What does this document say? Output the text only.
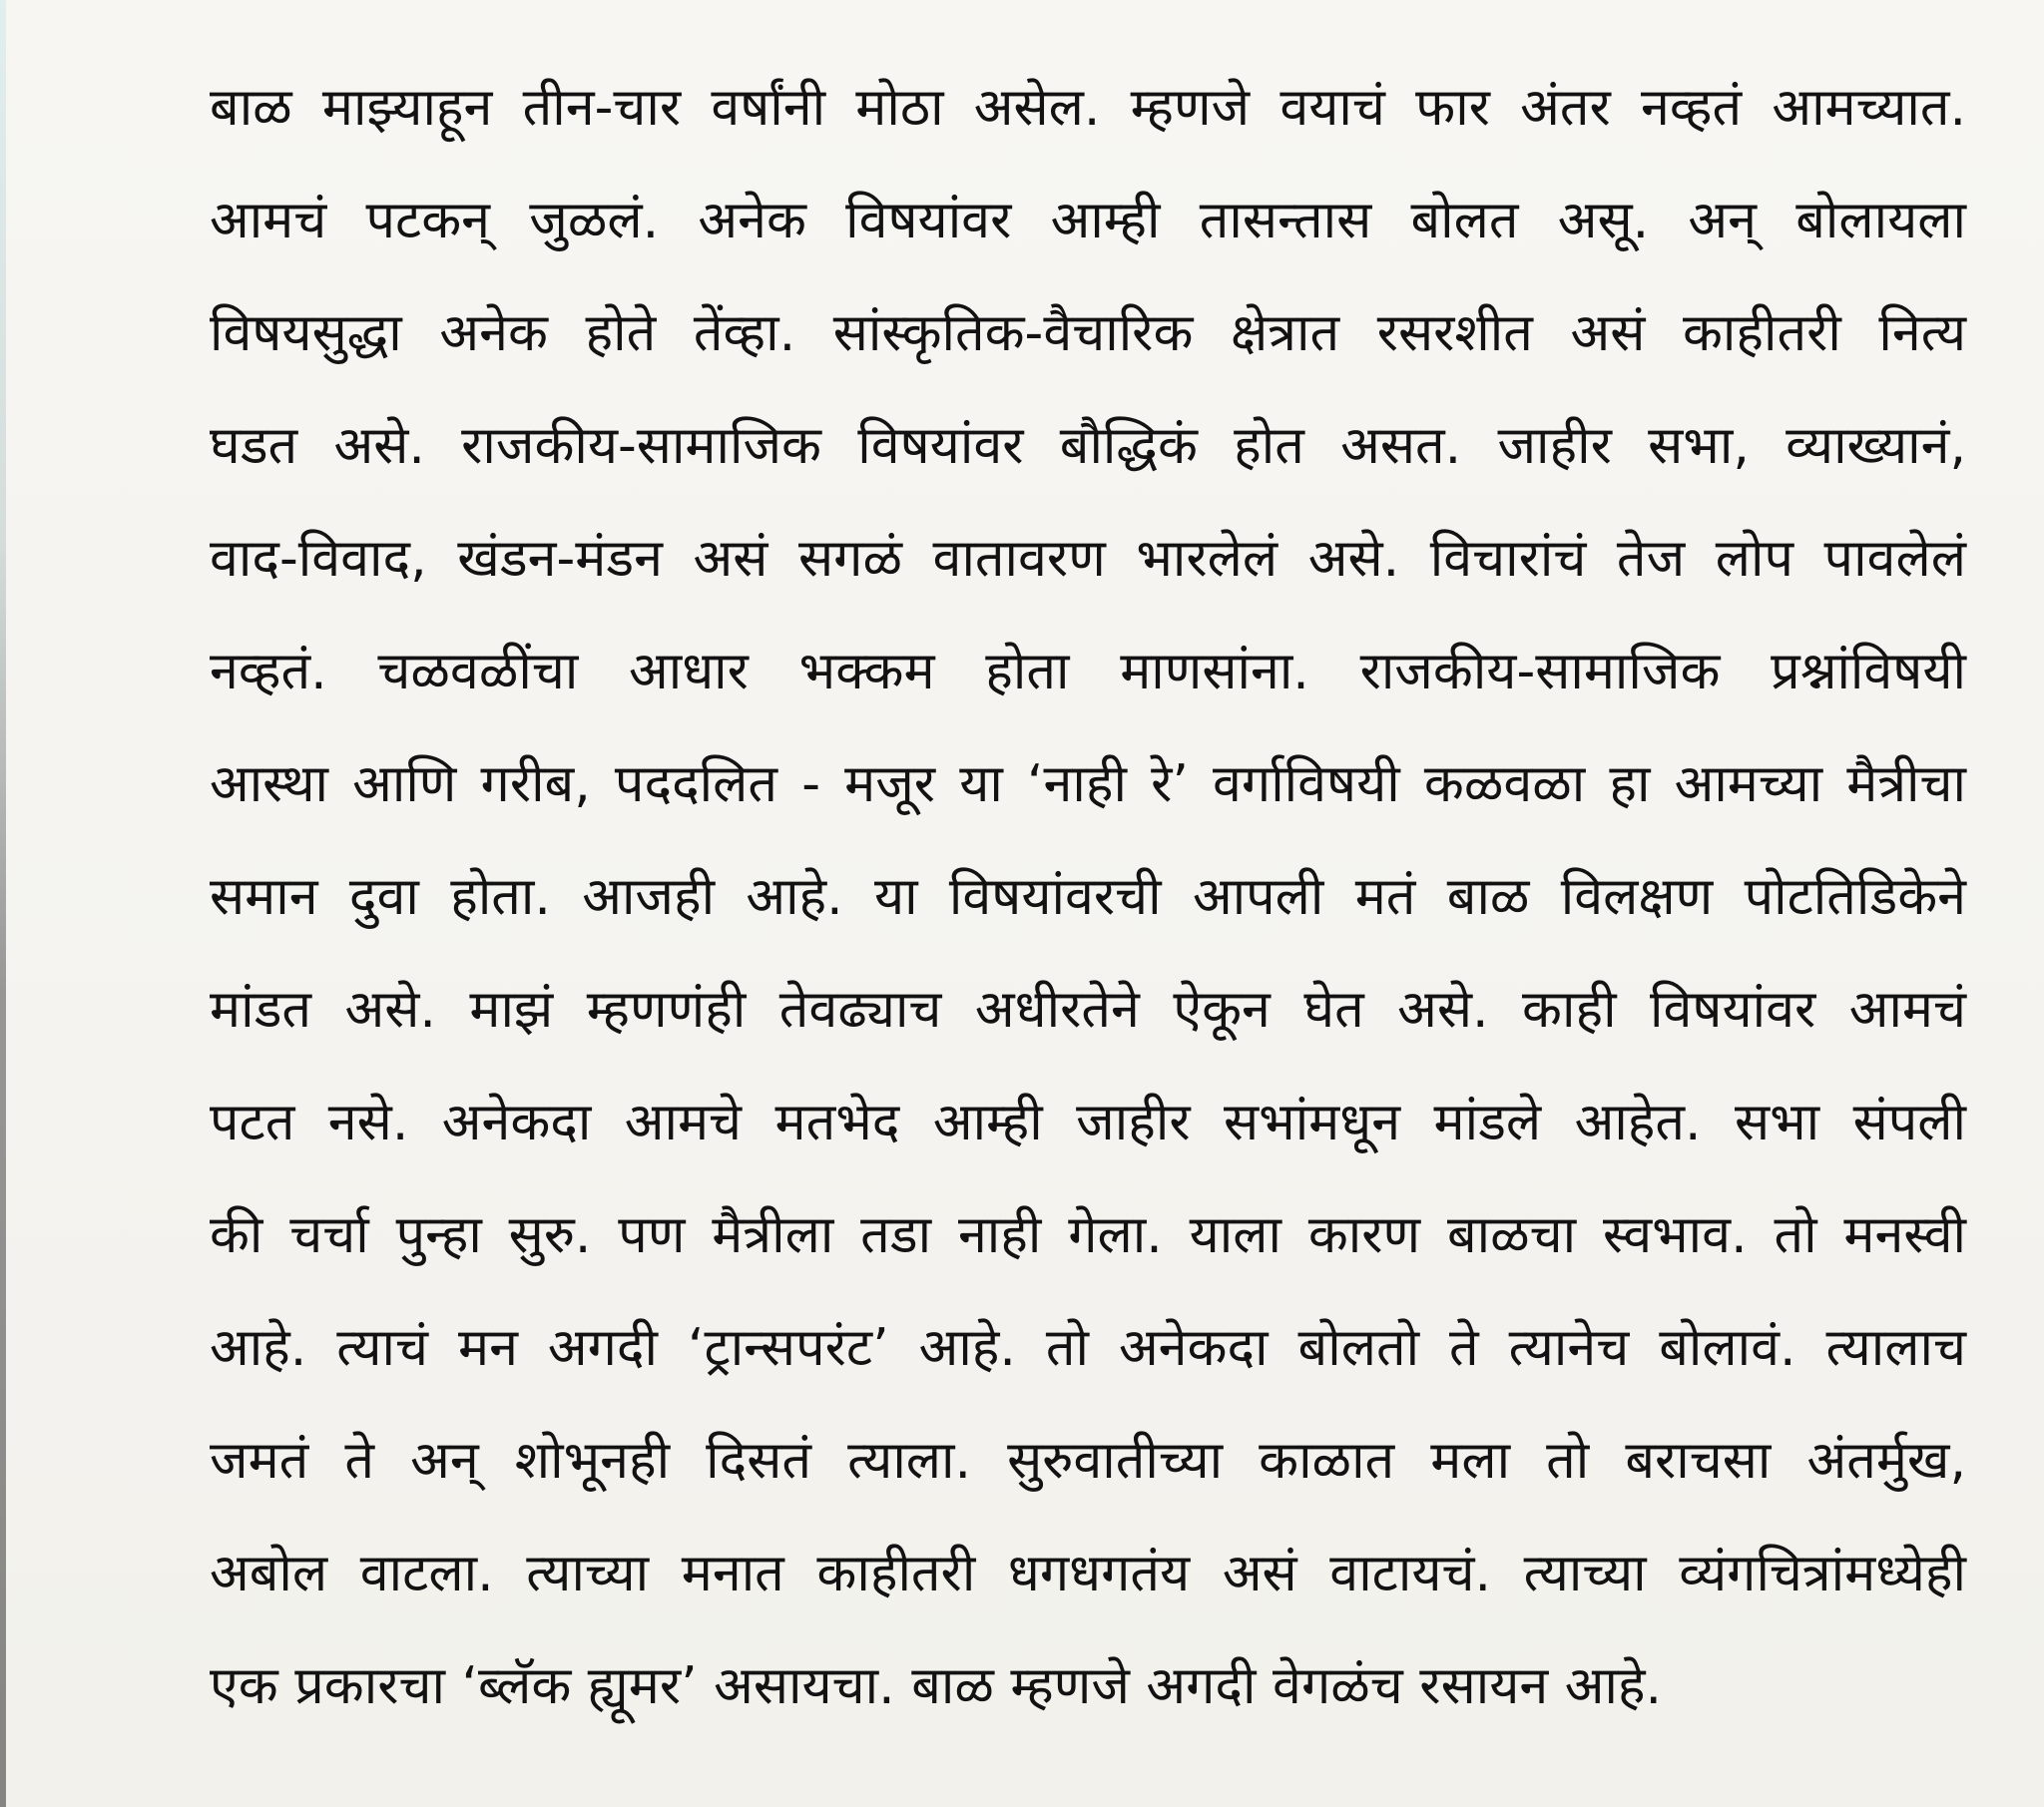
बाळ माझ्याहून तीन-चार वर्षांनी मोठा असेल. म्हणजे वयाचं फार अंतर नव्हतं आमच्यात.
आमचं पटकन् जुळलं. अनेक विषयांवर आम्ही तासन्तास बोलत असू. अन् बोलायला
विषयसुद्धा अनेक होते तेंव्हा. सांस्कृतिक-वैचारिक क्षेत्रात रसरशीत असं काहीतरी नित्य
घडत असे. राजकीय-सामाजिक विषयांवर बौद्धिकं होत असत. जाहीर सभा, व्याख्यानं,
वाद-विवाद, खंडन-मंडन असं सगळं वातावरण भारलेलं असे. विचारांचं तेज लोप पावलेलं
नव्हतं. चळवळींचा आधार भक्कम होता माणसांना. राजकीय-सामाजिक प्रश्नांविषयी
आस्था आणि गरीब, पददलित - मजूर या ‘नाही रे’ वर्गाविषयी कळवळा हा आमच्या मैत्रीचा
समान दुवा होता. आजही आहे. या विषयांवरची आपली मतं बाळ विलक्षण पोटतिडिकेने
मांडत असे. माझं म्हणणंही तेवढ्याच अधीरतेने ऐकून घेत असे. काही विषयांवर आमचं
पटत नसे. अनेकदा आमचे मतभेद आम्ही जाहीर सभांमधून मांडले आहेत. सभा संपली
की चर्चा पुन्हा सुरु. पण मैत्रीला तडा नाही गेला. याला कारण बाळचा स्वभाव. तो मनस्वी
आहे. त्याचं मन अगदी ‘ट्रान्सपरंट’ आहे. तो अनेकदा बोलतो ते त्यानेच बोलावं. त्यालाच
जमतं ते अन् शोभूनही दिसतं त्याला. सुरुवातीच्या काळात मला तो बराचसा अंतर्मुख,
अबोल वाटला. त्याच्या मनात काहीतरी धगधगतंय असं वाटायचं. त्याच्या व्यंगचित्रांमध्येही
एक प्रकारचा ‘ब्लॅक ह्यूमर’ असायचा. बाळ म्हणजे अगदी वेगळंच रसायन आहे.
